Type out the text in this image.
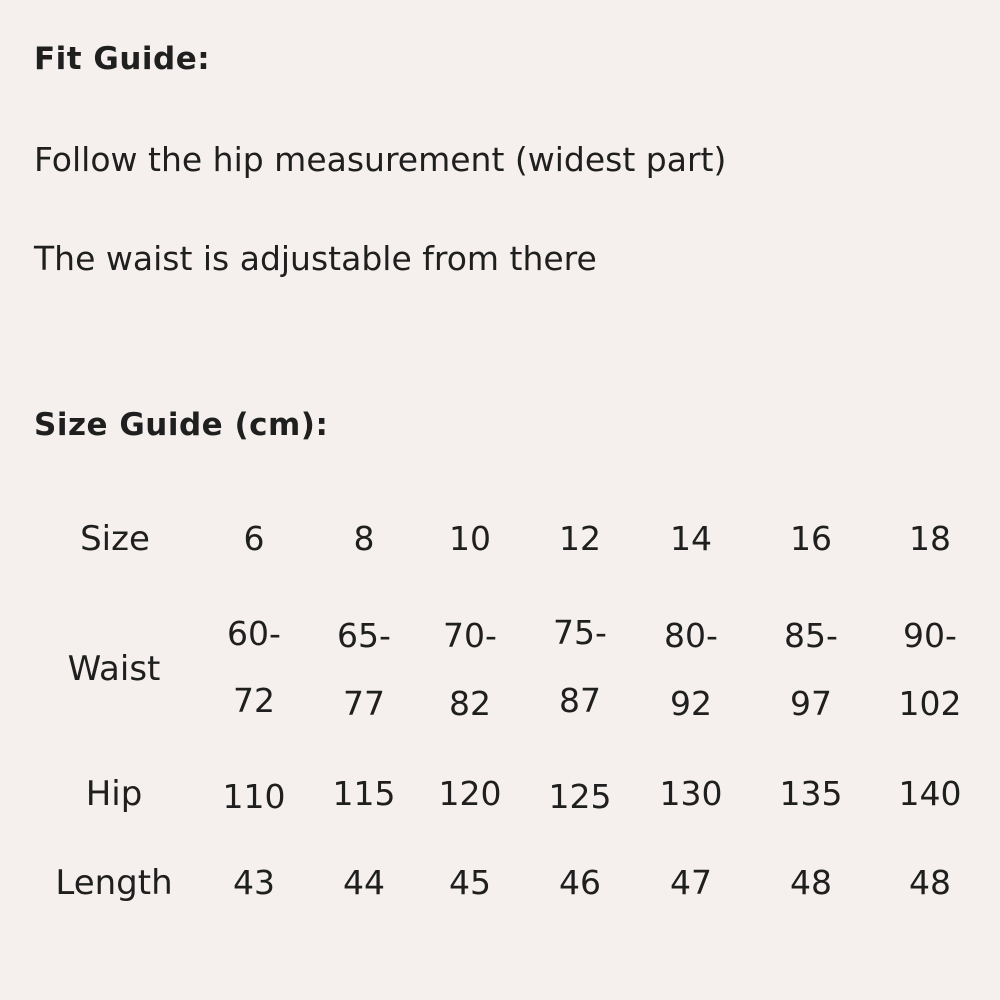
Fit Guide:
Follow the hip measurement (widest part)
The waist is adjustable from there
Size Guide (cm):
Size	6	8 10 12 14 16 18
Waist
60-
72
65-
77
70-
82
75-
87
80-
92
85-
97
90-
102
Hip 110 115 120 125 130 135 140
Length 43 44 45 46 47 48 48
